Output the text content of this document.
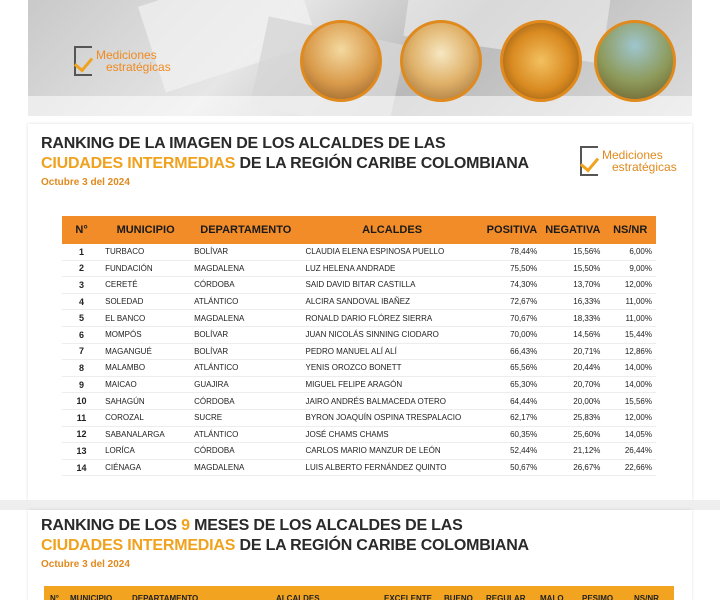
Mediciones
estratégicas
RANKING DE LA IMAGEN DE LOS ALCALDES DE LAS
CIUDADES INTERMEDIAS DE LA REGIÓN CARIBE COLOMBIANA
Octubre 3 del 2024
Mediciones
estratégicas
N°	MUNICIPIO	DEPARTAMENTO	ALCALDES	POSITIVA	NEGATIVA	NS/NR
1	TURBACO	BOLÍVAR	CLAUDIA ELENA ESPINOSA PUELLO	78,44%	15,56%	6,00%
2	FUNDACIÓN	MAGDALENA	LUZ HELENA ANDRADE	75,50%	15,50%	9,00%
3	CERETÉ	CÓRDOBA	SAID DAVID BITAR CASTILLA	74,30%	13,70%	12,00%
4	SOLEDAD	ATLÁNTICO	ALCIRA SANDOVAL IBAÑEZ	72,67%	16,33%	11,00%
5	EL BANCO	MAGDALENA	RONALD DARIO FLÓREZ SIERRA	70,67%	18,33%	11,00%
6	MOMPÓS	BOLÍVAR	JUAN NICOLÁS SINNING CIODARO	70,00%	14,56%	15,44%
7	MAGANGUÉ	BOLÍVAR	PEDRO MANUEL ALÍ ALÍ	66,43%	20,71%	12,86%
8	MALAMBO	ATLÁNTICO	YENIS OROZCO BONETT	65,56%	20,44%	14,00%
9	MAICAO	GUAJIRA	MIGUEL FELIPE ARAGÓN	65,30%	20,70%	14,00%
10	SAHAGÚN	CÓRDOBA	JAIRO ANDRÉS BALMACEDA OTERO	64,44%	20,00%	15,56%
11	COROZAL	SUCRE	BYRON JOAQUÍN OSPINA TRESPALACIO	62,17%	25,83%	12,00%
12	SABANALARGA	ATLÁNTICO	JOSÉ CHAMS CHAMS	60,35%	25,60%	14,05%
13	LORÍCA	CÓRDOBA	CARLOS MARIO MANZUR DE LEÓN	52,44%	21,12%	26,44%
14	CIÉNAGA	MAGDALENA	LUIS ALBERTO FERNÁNDEZ QUINTO	50,67%	26,67%	22,66%
RANKING DE LOS 9 MESES DE LOS ALCALDES DE LAS
CIUDADES INTERMEDIAS DE LA REGIÓN CARIBE COLOMBIANA
Octubre 3 del 2024
N° MUNICIPIO DEPARTAMENTO	ALCALDES	EXCELENTE BUENO REGULAR MALO PESIMO	NS/NR
